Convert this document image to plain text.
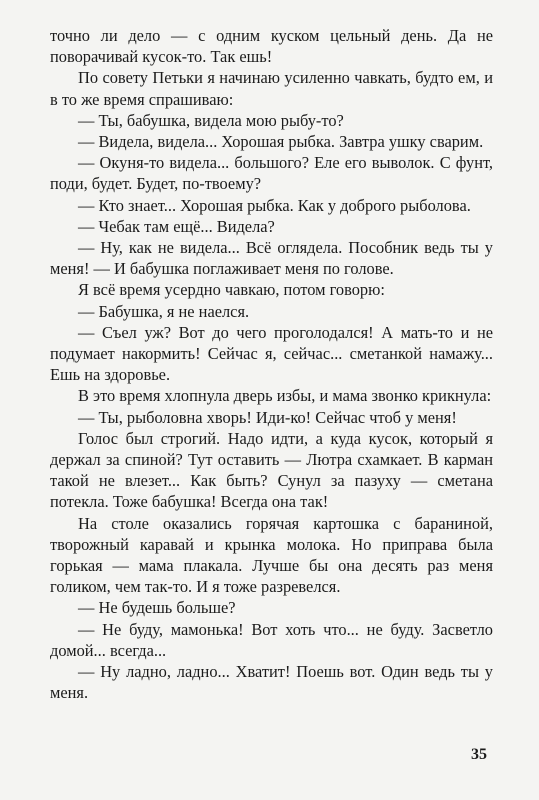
точно ли дело — с одним куском цельный день. Да не поворачивай кусок-то. Так ешь!

По совету Петьки я начинаю усиленно чавкать, будто ем, и в то же время спрашиваю:

— Ты, бабушка, видела мою рыбу-то?

— Видела, видела... Хорошая рыбка. Завтра ушку сварим.

— Окуня-то видела... большого? Еле его выволок. С фунт, поди, будет. Будет, по-твоему?

— Кто знает... Хорошая рыбка. Как у доброго рыболова.

— Чебак там ещё... Видела?

— Ну, как не видела... Всё оглядела. Пособник ведь ты у меня! — И бабушка поглаживает меня по голове.

Я всё время усердно чавкаю, потом говорю:

— Бабушка, я не наелся.

— Съел уж? Вот до чего проголодался! А мать-то и не подумает накормить! Сейчас я, сейчас... сметанкой намажу... Ешь на здоровье.

В это время хлопнула дверь избы, и мама звонко крикнула:

— Ты, рыболовна хворь! Иди-ко! Сейчас чтоб у меня!

Голос был строгий. Надо идти, а куда кусок, который я держал за спиной? Тут оставить — Лютра схамкает. В карман такой не влезет... Как быть? Сунул за пазуху — сметана потекла. Тоже бабушка! Всегда она так!

На столе оказались горячая картошка с бараниной, творожный каравай и крынка молока. Но приправа была горькая — мама плакала. Лучше бы она десять раз меня голиком, чем так-то. И я тоже разревелся.

— Не будешь больше?

— Не буду, мамонька! Вот хоть что... не буду. Засветло домой... всегда...

— Ну ладно, ладно... Хватит! Поешь вот. Один ведь ты у меня.

35
